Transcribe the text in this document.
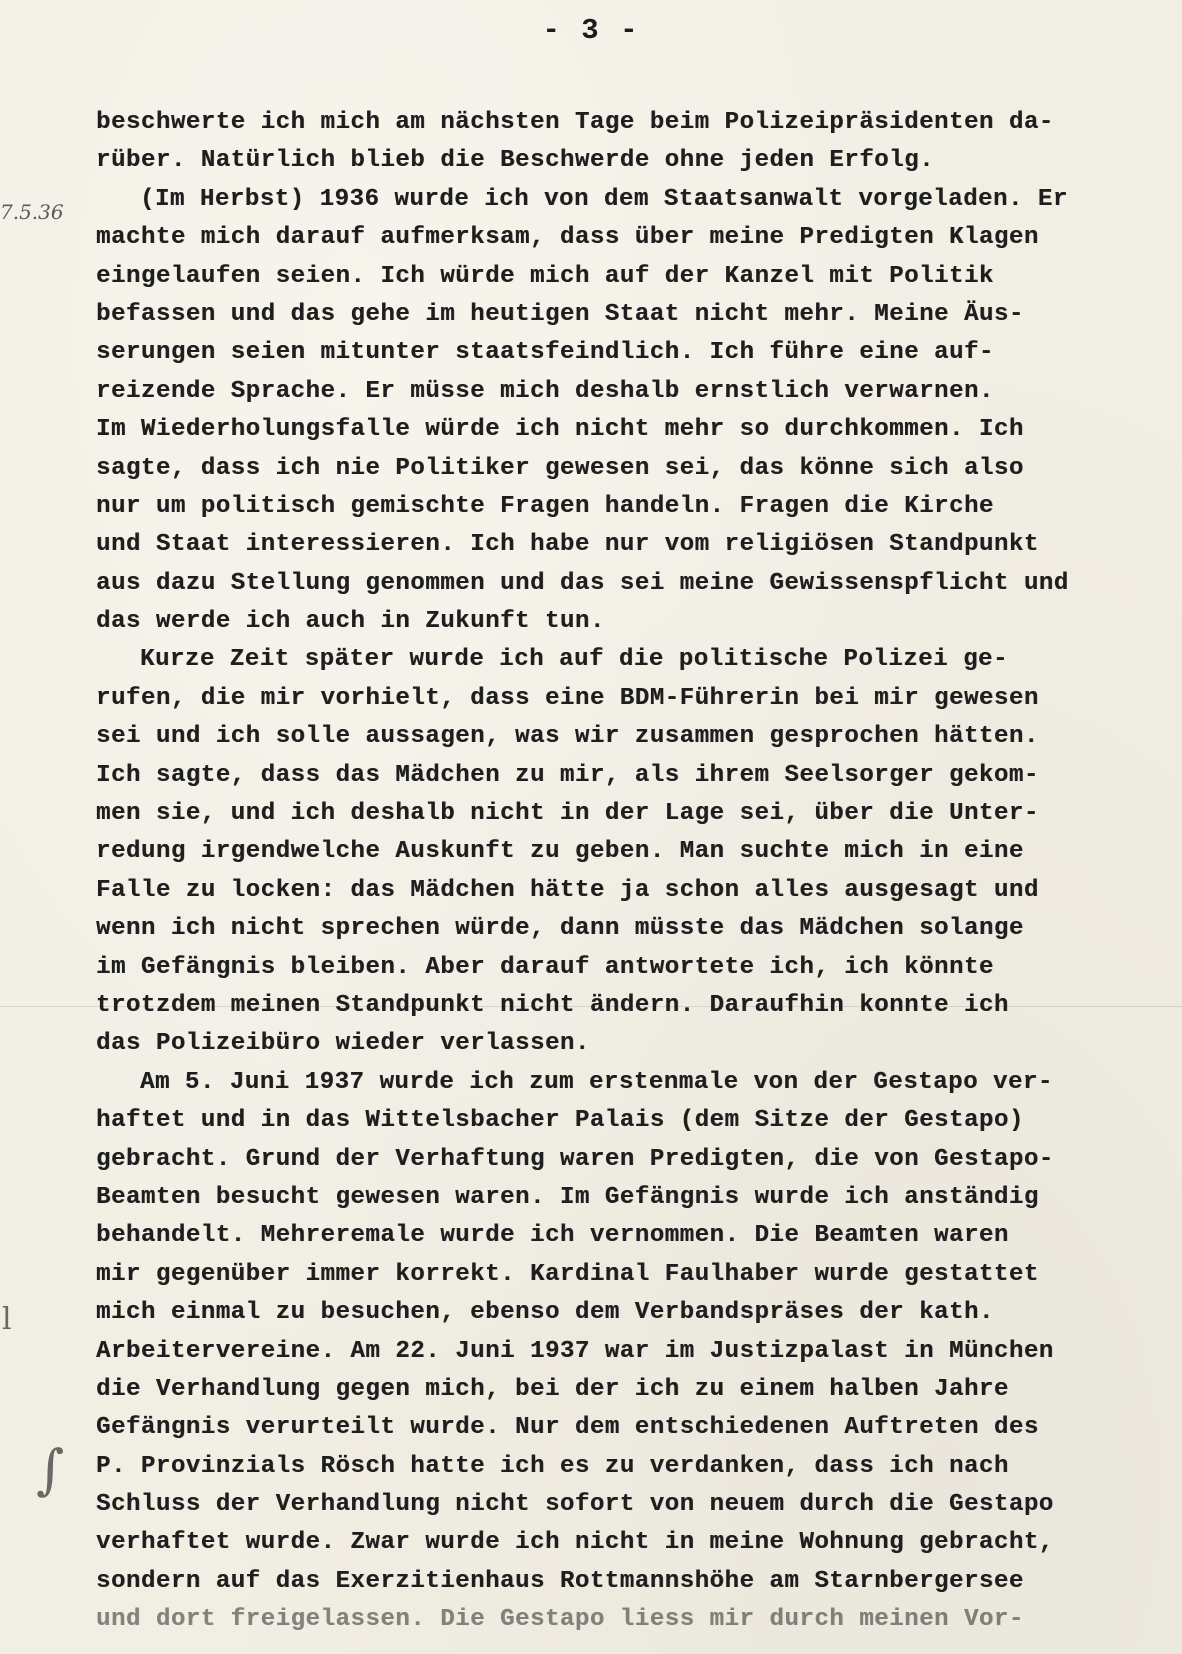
- 3 -
7.5.36
l
∫
beschwerte ich mich am nächsten Tage beim Polizeipräsidenten da-
rüber. Natürlich blieb die Beschwerde ohne jeden Erfolg.
(Im Herbst) 1936 wurde ich von dem Staatsanwalt vorgeladen. Er
machte mich darauf aufmerksam, dass über meine Predigten Klagen
eingelaufen seien. Ich würde mich auf der Kanzel mit Politik
befassen und das gehe im heutigen Staat nicht mehr. Meine Äus-
serungen seien mitunter staatsfeindlich. Ich führe eine auf-
reizende Sprache. Er müsse mich deshalb ernstlich verwarnen.
Im Wiederholungsfalle würde ich nicht mehr so durchkommen. Ich
sagte, dass ich nie Politiker gewesen sei, das könne sich also
nur um politisch gemischte Fragen handeln. Fragen die Kirche
und Staat interessieren. Ich habe nur vom religiösen Standpunkt
aus dazu Stellung genommen und das sei meine Gewissenspflicht und
das werde ich auch in Zukunft tun.
Kurze Zeit später wurde ich auf die politische Polizei ge-
rufen, die mir vorhielt, dass eine BDM-Führerin bei mir gewesen
sei und ich solle aussagen, was wir zusammen gesprochen hätten.
Ich sagte, dass das Mädchen zu mir, als ihrem Seelsorger gekom-
men sie, und ich deshalb nicht in der Lage sei, über die Unter-
redung irgendwelche Auskunft zu geben. Man suchte mich in eine
Falle zu locken: das Mädchen hätte ja schon alles ausgesagt und
wenn ich nicht sprechen würde, dann müsste das Mädchen solange
im Gefängnis bleiben. Aber darauf antwortete ich, ich könnte
trotzdem meinen Standpunkt nicht ändern. Daraufhin konnte ich
das Polizeibüro wieder verlassen.
Am 5. Juni 1937 wurde ich zum erstenmale von der Gestapo ver-
haftet und in das Wittelsbacher Palais (dem Sitze der Gestapo)
gebracht. Grund der Verhaftung waren Predigten, die von Gestapo-
Beamten besucht gewesen waren. Im Gefängnis wurde ich anständig
behandelt. Mehreremale wurde ich vernommen. Die Beamten waren
mir gegenüber immer korrekt. Kardinal Faulhaber wurde gestattet
mich einmal zu besuchen, ebenso dem Verbandspräses der kath.
Arbeitervereine. Am 22. Juni 1937 war im Justizpalast in München
die Verhandlung gegen mich, bei der ich zu einem halben Jahre
Gefängnis verurteilt wurde. Nur dem entschiedenen Auftreten des
P. Provinzials Rösch hatte ich es zu verdanken, dass ich nach
Schluss der Verhandlung nicht sofort von neuem durch die Gestapo
verhaftet wurde. Zwar wurde ich nicht in meine Wohnung gebracht,
sondern auf das Exerzitienhaus Rottmannshöhe am Starnbergersee
und dort freigelassen. Die Gestapo liess mir durch meinen Vor-
